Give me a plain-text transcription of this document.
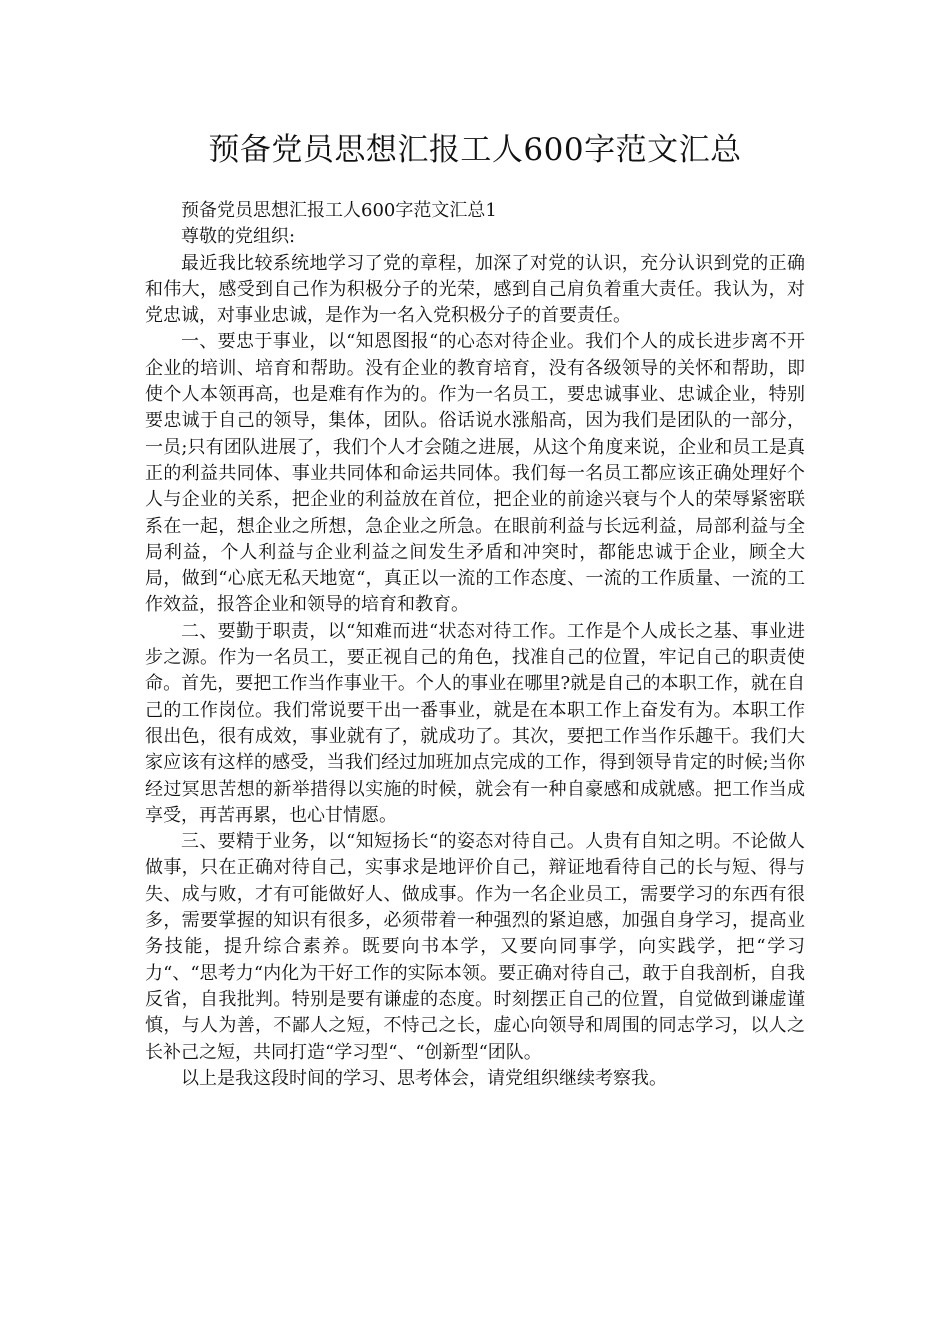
预备党员思想汇报工人600字范文汇总

预备党员思想汇报工人600字范文汇总1

尊敬的党组织:

最近我比较系统地学习了党的章程，加深了对党的认识，充分认识到党的正确和伟大，感受到自己作为积极分子的光荣，感到自己肩负着重大责任。我认为，对党忠诚，对事业忠诚，是作为一名入党积极分子的首要责任。

一、要忠于事业，以“知恩图报“的心态对待企业。我们个人的成长进步离不开企业的培训、培育和帮助。没有企业的教育培育，没有各级领导的关怀和帮助，即使个人本领再高，也是难有作为的。作为一名员工，要忠诚事业、忠诚企业，特别要忠诚于自己的领导，集体，团队。俗话说水涨船高，因为我们是团队的一部分，一员;只有团队进展了，我们个人才会随之进展，从这个角度来说，企业和员工是真正的利益共同体、事业共同体和命运共同体。我们每一名员工都应该正确处理好个人与企业的关系，把企业的利益放在首位，把企业的前途兴衰与个人的荣辱紧密联系在一起，想企业之所想，急企业之所急。在眼前利益与长远利益，局部利益与全局利益，个人利益与企业利益之间发生矛盾和冲突时，都能忠诚于企业，顾全大局，做到“心底无私天地宽“，真正以一流的工作态度、一流的工作质量、一流的工作效益，报答企业和领导的培育和教育。

二、要勤于职责，以“知难而进“状态对待工作。工作是个人成长之基、事业进步之源。作为一名员工，要正视自己的角色，找准自己的位置，牢记自己的职责使命。首先，要把工作当作事业干。个人的事业在哪里?就是自己的本职工作，就在自己的工作岗位。我们常说要干出一番事业，就是在本职工作上奋发有为。本职工作很出色，很有成效，事业就有了，就成功了。其次，要把工作当作乐趣干。我们大家应该有这样的感受，当我们经过加班加点完成的工作，得到领导肯定的时候;当你经过冥思苦想的新举措得以实施的时候，就会有一种自豪感和成就感。把工作当成享受，再苦再累，也心甘情愿。

三、要精于业务，以“知短扬长“的姿态对待自己。人贵有自知之明。不论做人做事，只在正确对待自己，实事求是地评价自己，辩证地看待自己的长与短、得与失、成与败，才有可能做好人、做成事。作为一名企业员工，需要学习的东西有很多，需要掌握的知识有很多，必须带着一种强烈的紧迫感，加强自身学习，提高业务技能，提升综合素养。既要向书本学，又要向同事学，向实践学，把“学习力“、“思考力“内化为干好工作的实际本领。要正确对待自己，敢于自我剖析，自我反省，自我批判。特别是要有谦虚的态度。时刻摆正自己的位置，自觉做到谦虚谨慎，与人为善，不鄙人之短，不恃己之长，虚心向领导和周围的同志学习，以人之长补己之短，共同打造“学习型“、“创新型“团队。

以上是我这段时间的学习、思考体会，请党组织继续考察我。
